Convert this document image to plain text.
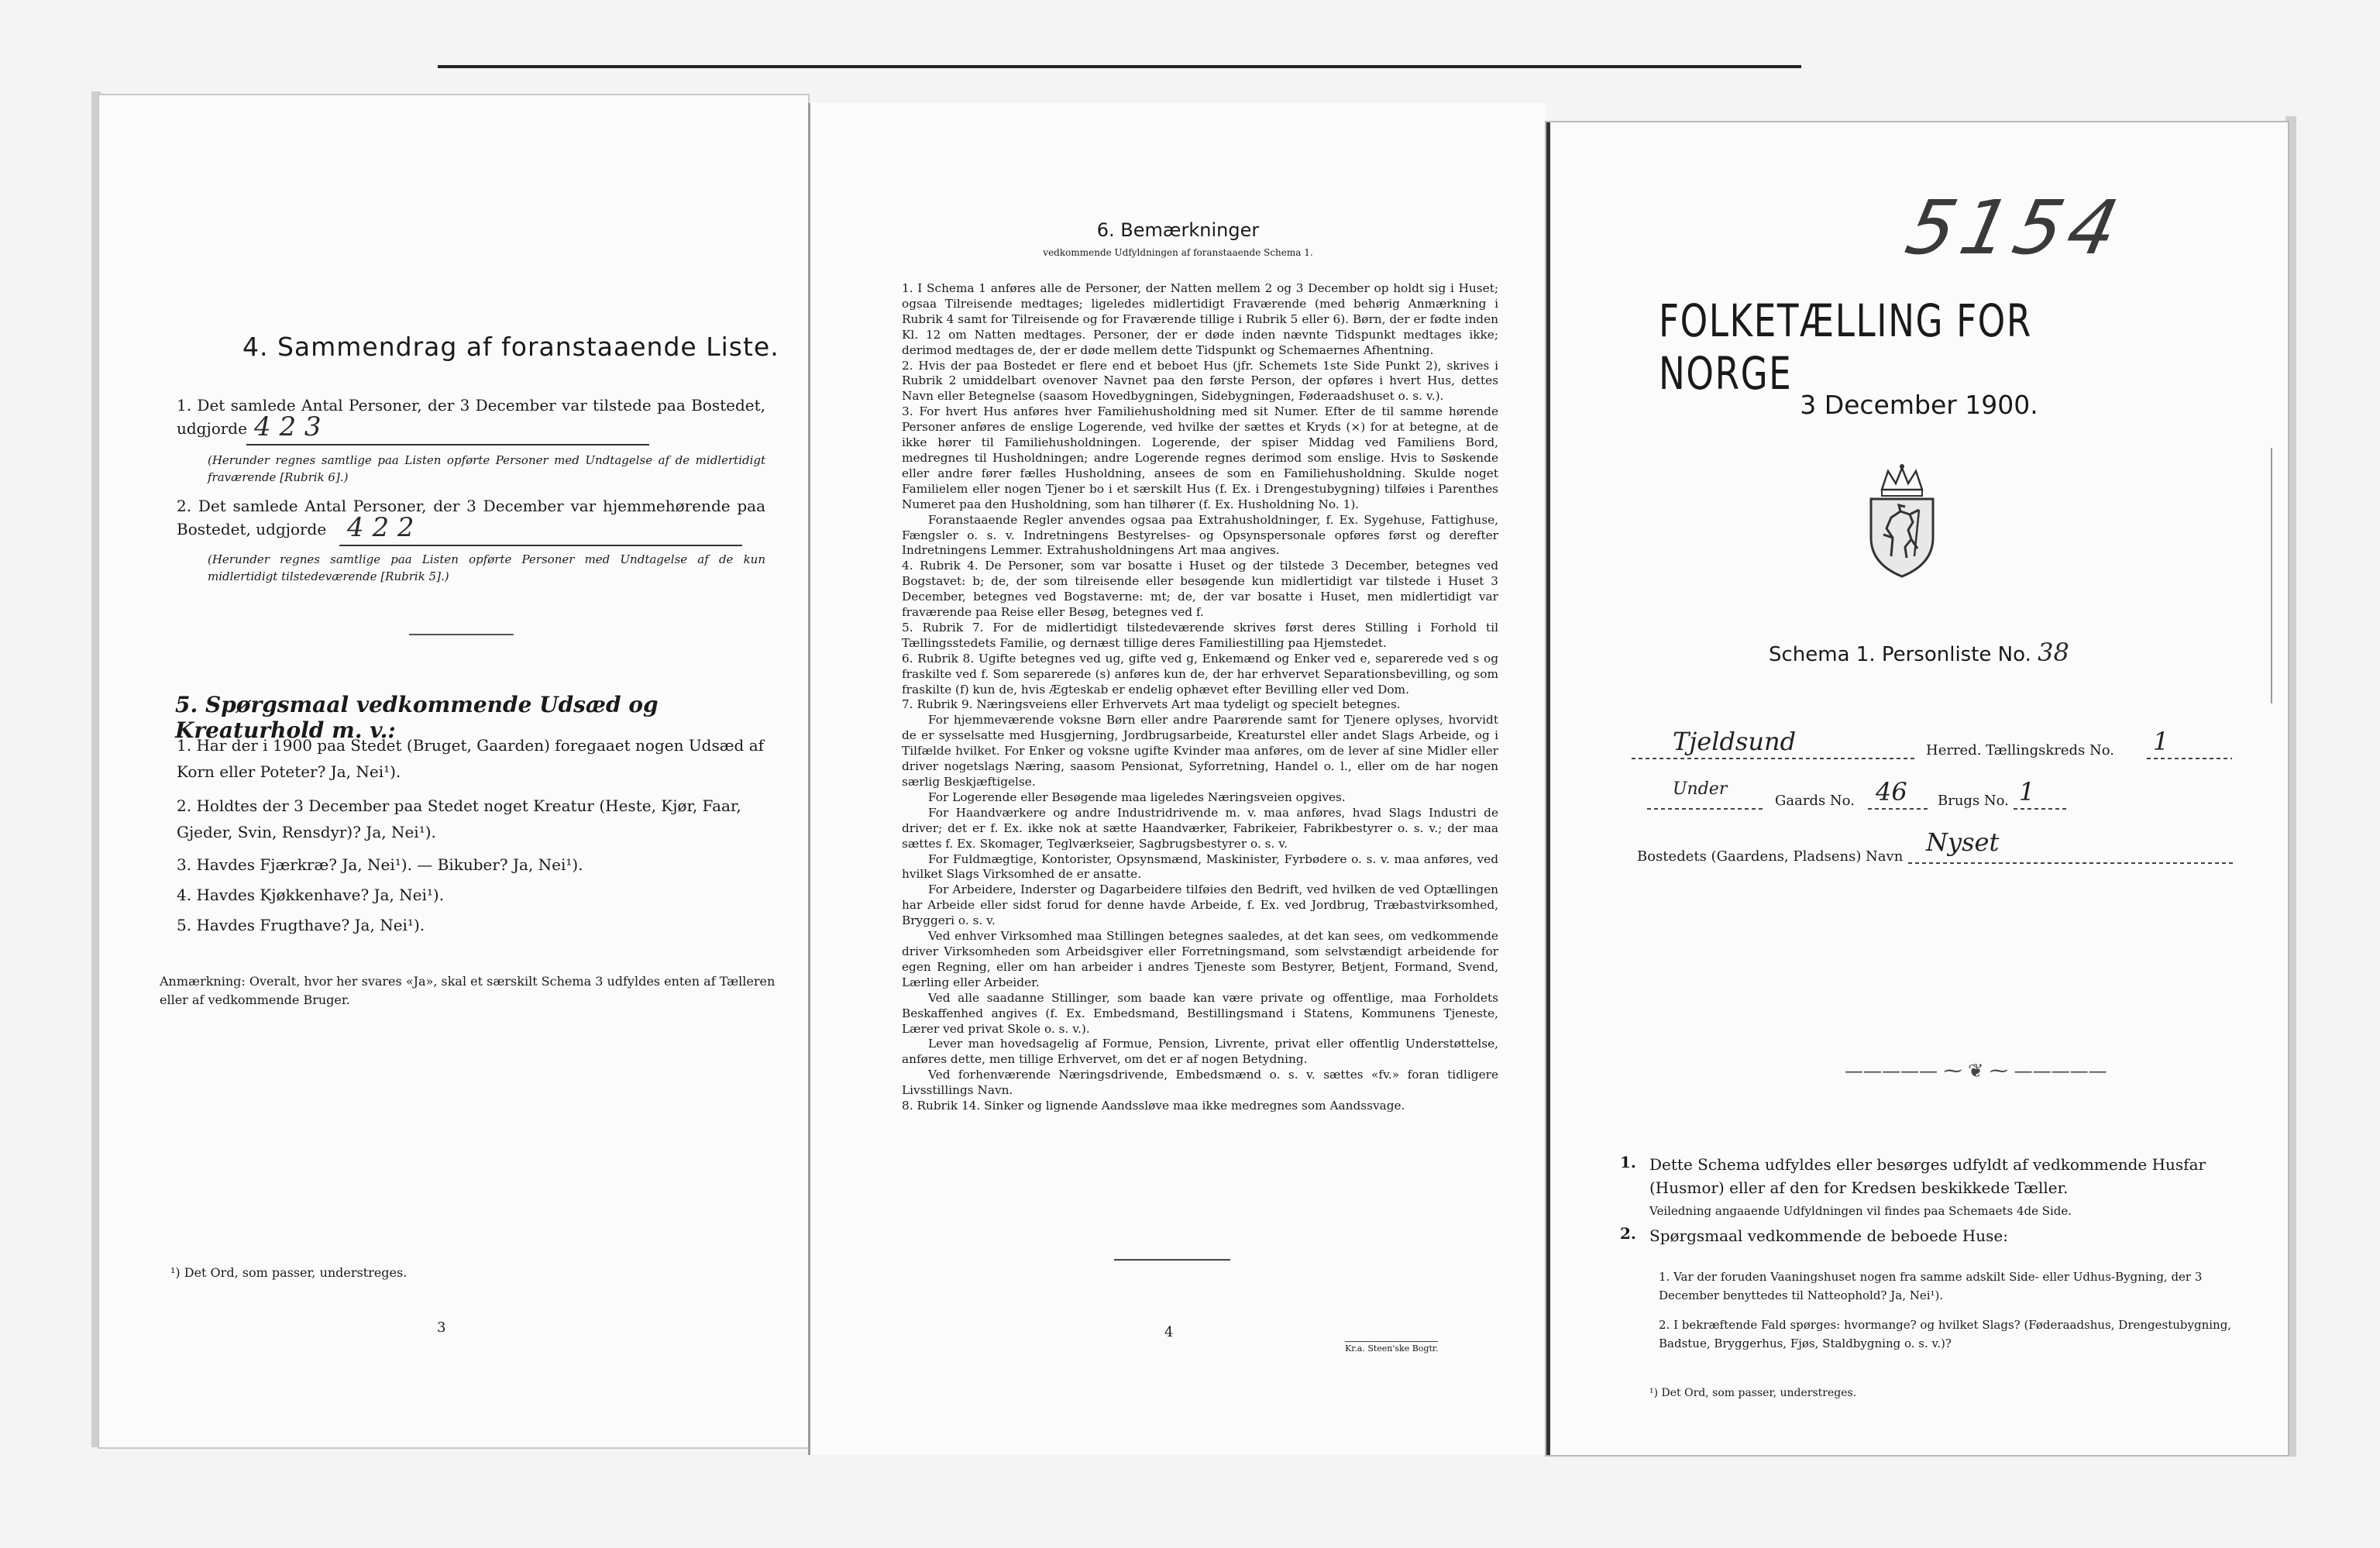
4. Sammendrag af foranstaaende Liste.
1. Det samlede Antal Personer, der 3 December var tilstede paa Bostedet, udgjorde 4 2 3
(Herunder regnes samtlige paa Listen opførte Personer med Undtagelse af de midlertidigt fraværende [Rubrik 6].)
2. Det samlede Antal Personer, der 3 December var hjemmehørende paa Bostedet, udgjorde 4 2 2
(Herunder regnes samtlige paa Listen opførte Personer med Undtagelse af de kun midlertidigt tilstedeværende [Rubrik 5].)
5. Spørgsmaal vedkommende Udsæd og Kreaturhold m. v.:
1. Har der i 1900 paa Stedet (Bruget, Gaarden) foregaaet nogen Udsæd af Korn eller Poteter? Ja, Nei¹).
2. Holdtes der 3 December paa Stedet noget Kreatur (Heste, Kjør, Faar, Gjeder, Svin, Rensdyr)? Ja, Nei¹).
3. Havdes Fjærkræ? Ja, Nei¹). — Bikuber? Ja, Nei¹).
4. Havdes Kjøkkenhave? Ja, Nei¹).
5. Havdes Frugthave? Ja, Nei¹).
Anmærkning: Overalt, hvor her svares «Ja», skal et særskilt Schema 3 udfyldes enten af Tælleren eller af vedkommende Bruger.
¹) Det Ord, som passer, understreges.
3
6. Bemærkninger
vedkommende Udfyldningen af foranstaaende Schema 1.

1. I Schema 1 anføres alle de Personer, der Natten mellem 2 og 3 December op holdt sig i Huset; ogsaa Tilreisende medtages; ligeledes midlertidigt Fraværende (med behørig Anmærkning i Rubrik 4 samt for Tilreisende og for Fraværende tillige i Rubrik 5 eller 6). Børn, der er fødte inden Kl. 12 om Natten medtages. Personer, der er døde inden nævnte Tidspunkt medtages ikke; derimod medtages de, der er døde mellem dette Tidspunkt og Schemaernes Afhentning.

2. Hvis der paa Bostedet er flere end et beboet Hus (jfr. Schemets 1ste Side Punkt 2), skrives i Rubrik 2 umiddelbart ovenover Navnet paa den første Person, der opføres i hvert Hus, dettes Navn eller Betegnelse (saasom Hovedbygningen, Sidebygningen, Føderaadshuset o. s. v.).

3. For hvert Hus anføres hver Familiehusholdning med sit Numer. Efter de til samme hørende Personer anføres de enslige Logerende, ved hvilke der sættes et Kryds (×) for at betegne, at de ikke hører til Familiehusholdningen. Logerende, der spiser Middag ved Familiens Bord, medregnes til Husholdningen; andre Logerende regnes derimod som enslige. Hvis to Søskende eller andre fører fælles Husholdning, ansees de som en Familiehusholdning. Skulde noget Familielem eller nogen Tjener bo i et særskilt Hus (f. Ex. i Drengestubygning) tilføies i Parenthes Numeret paa den Husholdning, som han tilhører (f. Ex. Husholdning No. 1).

Foranstaaende Regler anvendes ogsaa paa Extrahusholdninger, f. Ex. Sygehuse, Fattighuse, Fængsler o. s. v. Indretningens Bestyrelses- og Opsynspersonale opføres først og derefter Indretningens Lemmer. Extrahusholdningens Art maa angives.

4. Rubrik 4. De Personer, som var bosatte i Huset og der tilstede 3 December, betegnes ved Bogstavet: b; de, der som tilreisende eller besøgende kun midlertidigt var tilstede i Huset 3 December, betegnes ved Bogstaverne: mt; de, der var bosatte i Huset, men midlertidigt var fraværende paa Reise eller Besøg, betegnes ved f.

5. Rubrik 7. For de midlertidigt tilstedeværende skrives først deres Stilling i Forhold til Tællingsstedets Familie, og dernæst tillige deres Familiestilling paa Hjemstedet.

6. Rubrik 8. Ugifte betegnes ved ug, gifte ved g, Enkemænd og Enker ved e, separerede ved s og fraskilte ved f. Som separerede (s) anføres kun de, der har erhvervet Separationsbevilling, og som fraskilte (f) kun de, hvis Ægteskab er endelig ophævet efter Bevilling eller ved Dom.

7. Rubrik 9. Næringsveiens eller Erhvervets Art maa tydeligt og specielt betegnes.

For hjemmeværende voksne Børn eller andre Paarørende samt for Tjenere oplyses, hvorvidt de er sysselsatte med Husgjerning, Jordbrugsarbeide, Kreaturstel eller andet Slags Arbeide, og i Tilfælde hvilket. For Enker og voksne ugifte Kvinder maa anføres, om de lever af sine Midler eller driver nogetslags Næring, saasom Pensionat, Syforretning, Handel o. l., eller om de har nogen særlig Beskjæftigelse.

For Logerende eller Besøgende maa ligeledes Næringsveien opgives.

For Haandværkere og andre Industridrivende m. v. maa anføres, hvad Slags Industri de driver; det er f. Ex. ikke nok at sætte Haandværker, Fabrikeier, Fabrikbestyrer o. s. v.; der maa sættes f. Ex. Skomager, Teglværkseier, Sagbrugsbestyrer o. s. v.

For Fuldmægtige, Kontorister, Opsynsmænd, Maskinister, Fyrbødere o. s. v. maa anføres, ved hvilket Slags Virksomhed de er ansatte.

For Arbeidere, Inderster og Dagarbeidere tilføies den Bedrift, ved hvilken de ved Optællingen har Arbeide eller sidst forud for denne havde Arbeide, f. Ex. ved Jordbrug, Træbastvirksomhed, Bryggeri o. s. v.

Ved enhver Virksomhed maa Stillingen betegnes saaledes, at det kan sees, om vedkommende driver Virksomheden som Arbeidsgiver eller Forretningsmand, som selvstændigt arbeidende for egen Regning, eller om han arbeider i andres Tjeneste som Bestyrer, Betjent, Formand, Svend, Lærling eller Arbeider.

Ved alle saadanne Stillinger, som baade kan være private og offentlige, maa Forholdets Beskaffenhed angives (f. Ex. Embedsmand, Bestillingsmand i Statens, Kommunens Tjeneste, Lærer ved privat Skole o. s. v.).

Lever man hovedsagelig af Formue, Pension, Livrente, privat eller offentlig Understøttelse, anføres dette, men tillige Erhvervet, om det er af nogen Betydning.

Ved forhenværende Næringsdrivende, Embedsmænd o. s. v. sættes «fv.» foran tidligere Livsstillings Navn.

8. Rubrik 14. Sinker og lignende Aandssløve maa ikke medregnes som Aandssvage.

4
Kr.a. Steen'ske Bogtr.
5154
FOLKETÆLLING FOR NORGE
3 December 1900.
Schema 1. Personliste No. 38
Tjeldsund	Herred. Tællingskreds No. 1
Under
Gaards No. 46 Brugs No. 1
Bostedets (Gaardens, Pladsens) Navn Nyset
————— ⁓ ❦ ⁓ —————
1. Dette Schema udfyldes eller besørges udfyldt af vedkommende Husfar (Husmor) eller af den for Kredsen beskikkede Tæller.
Veiledning angaaende Udfyldningen vil findes paa Schemaets 4de Side.
2. Spørgsmaal vedkommende de beboede Huse:
1. Var der foruden Vaaningshuset nogen fra samme adskilt Side- eller Udhus-Bygning, der 3 December benyttedes til Natteophold? Ja, Nei¹).
2. I bekræftende Fald spørges: hvormange? og hvilket Slags? (Føderaadshus, Drengestubygning, Badstue, Bryggerhus, Fjøs, Staldbygning o. s. v.)?
¹) Det Ord, som passer, understreges.
